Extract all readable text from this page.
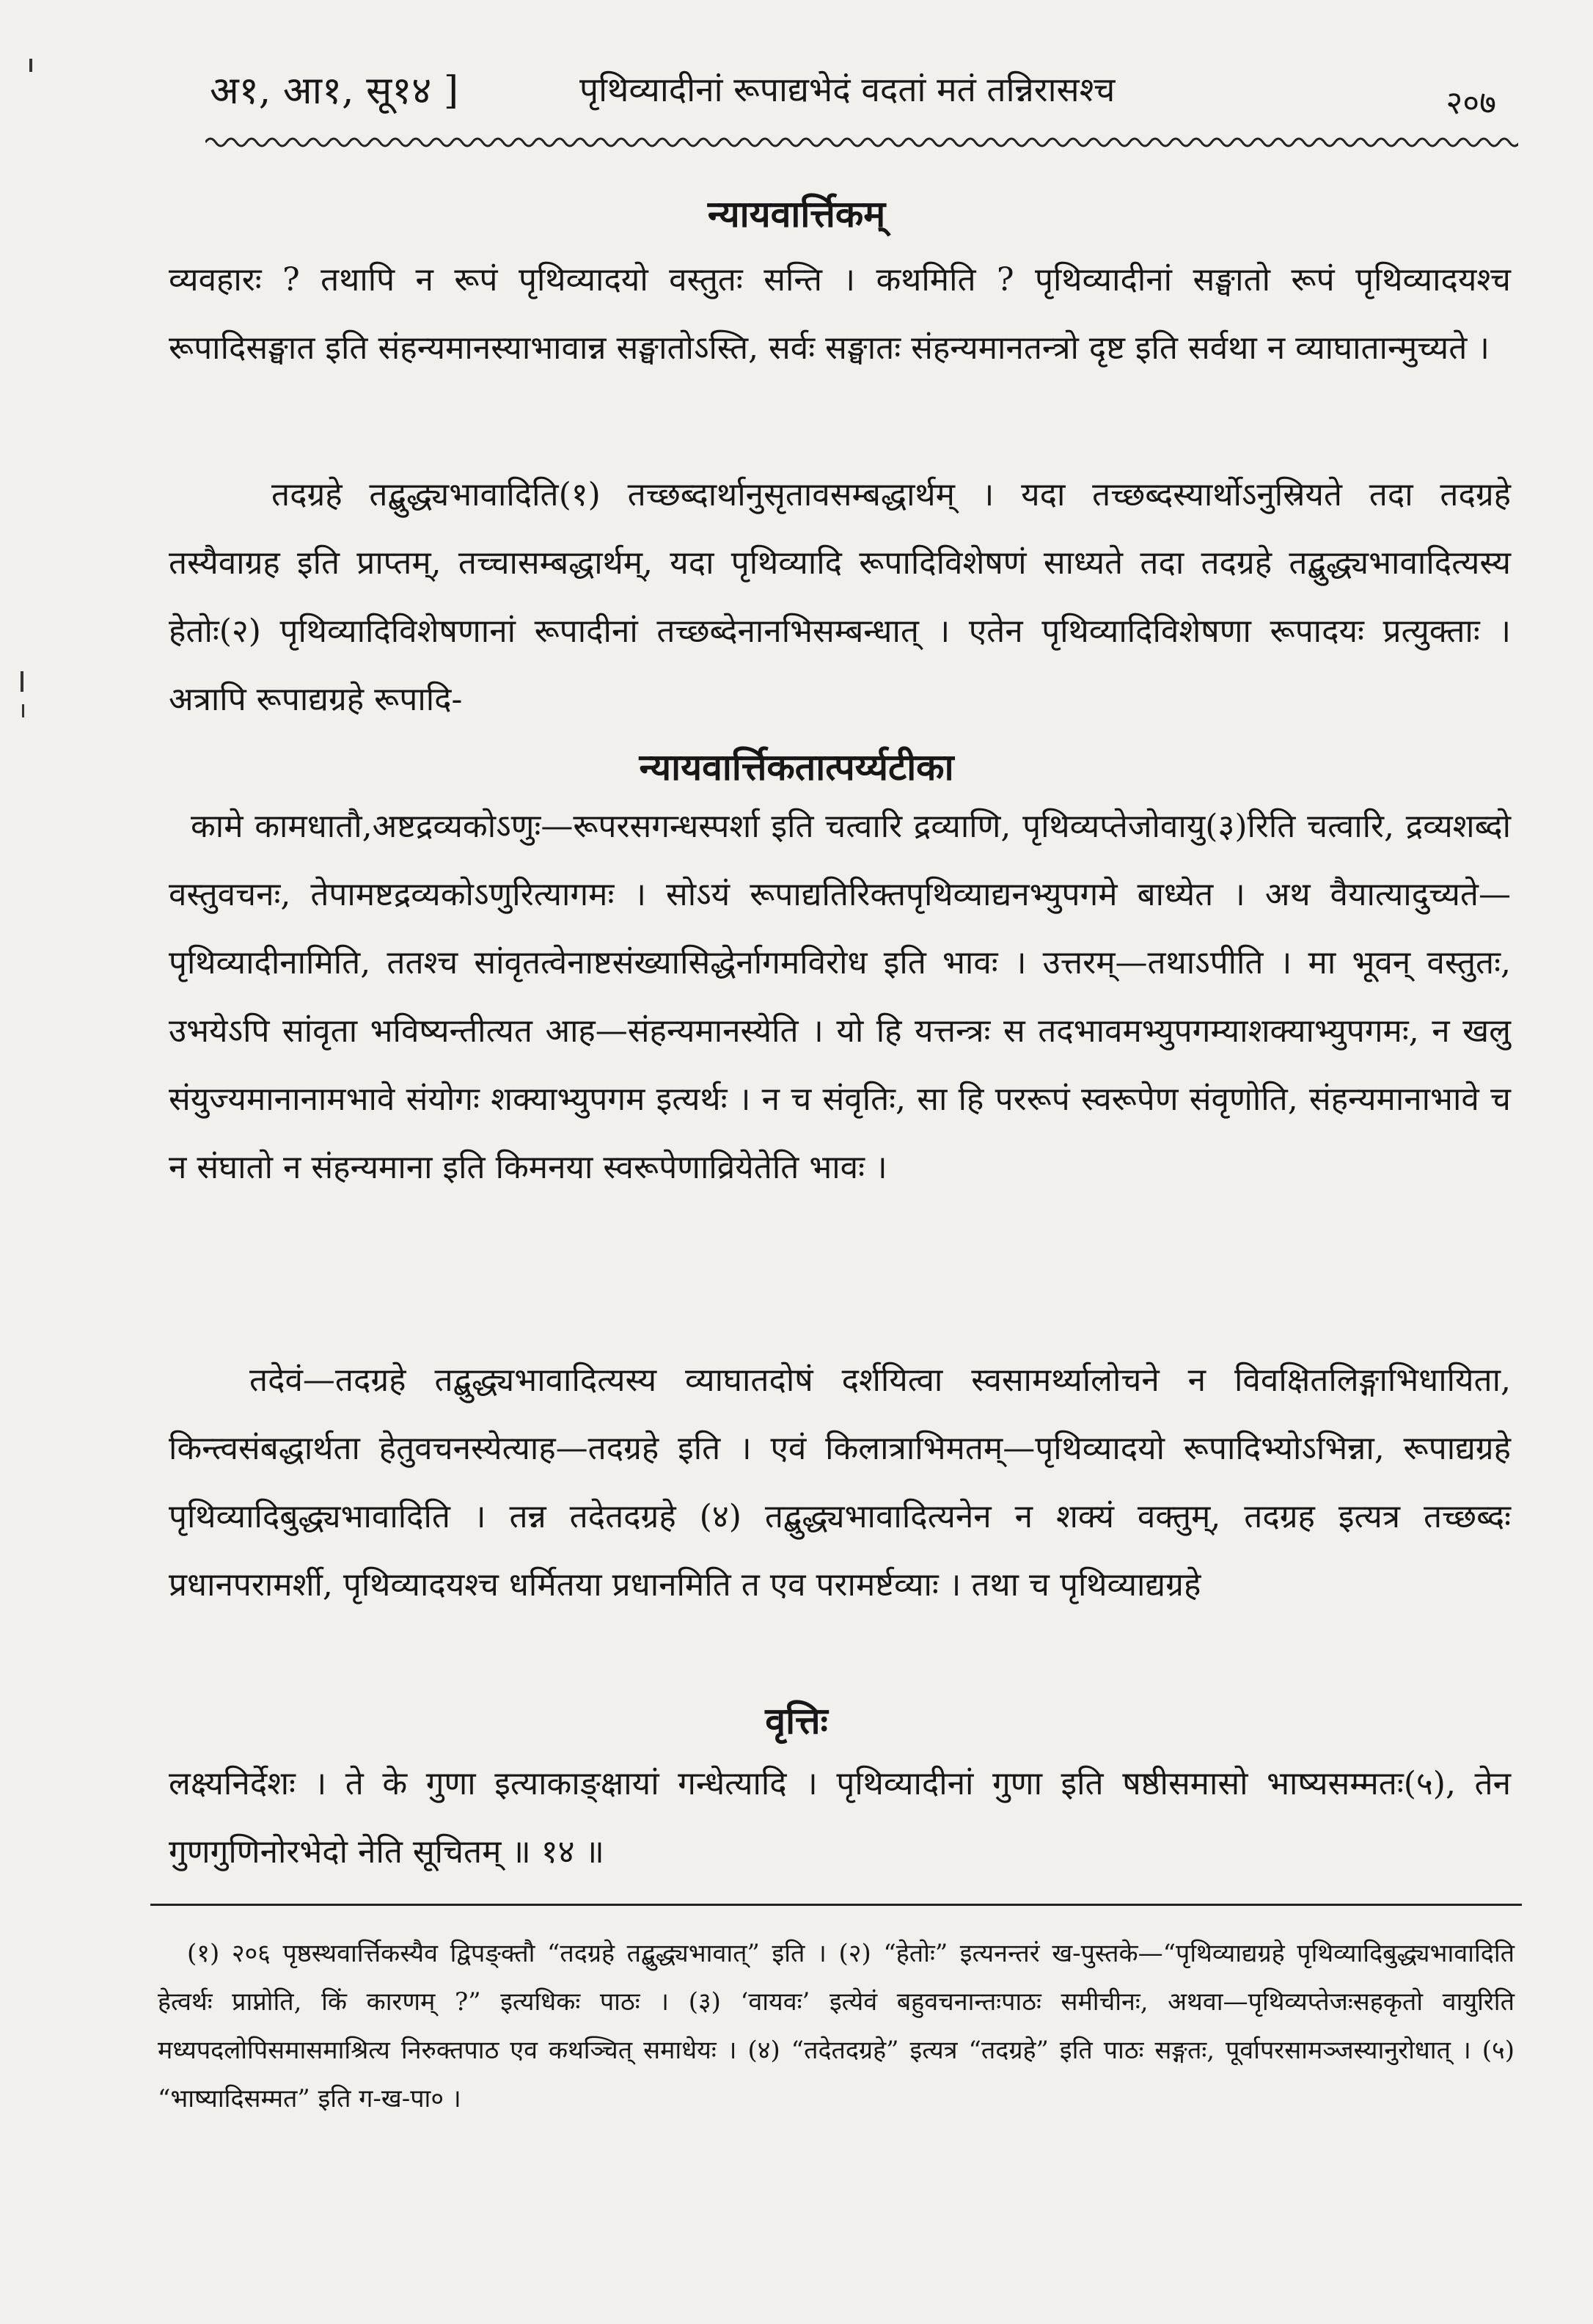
अ१, आ१, सू१४ ]	पृथिव्यादीनां रूपाद्यभेदं वदतां मतं तन्निरासश्च	२०७
न्यायवार्त्तिकम्

व्यवहारः ? तथापि न रूपं पृथिव्यादयो वस्तुतः सन्ति । कथमिति ? पृथिव्यादीनां सङ्घातो रूपं पृथिव्यादयश्च रूपादिसङ्घात इति संहन्यमानस्याभावान्न सङ्घातोऽस्ति, सर्वः सङ्घातः संहन्यमानतन्त्रो दृष्ट इति सर्वथा न व्याघातान्मुच्यते ।

तदग्रहे तद्बुद्ध्यभावादिति(१) तच्छब्दार्थानुसृतावसम्बद्धार्थम् । यदा तच्छब्दस्यार्थोऽनुस्रियते तदा तदग्रहे तस्यैवाग्रह इति प्राप्तम्, तच्चासम्बद्धार्थम्, यदा पृथिव्यादि रूपादिविशेषणं साध्यते तदा तदग्रहे तद्बुद्ध्यभावादित्यस्य हेतोः(२) पृथिव्यादिविशेषणानां रूपादीनां तच्छब्देनानभिसम्बन्धात् । एतेन पृथिव्यादिविशेषणा रूपादयः प्रत्युक्ताः । अत्रापि रूपाद्यग्रहे रूपादि-

न्यायवार्त्तिकतात्पर्य्यटीका

कामे कामधातौ,अष्टद्रव्यकोऽणुः—रूपरसगन्धस्पर्शा इति चत्वारि द्रव्याणि, पृथिव्यप्तेजोवायु(३)रिति चत्वारि, द्रव्यशब्दो वस्तुवचनः, तेपामष्टद्रव्यकोऽणुरित्यागमः । सोऽयं रूपाद्यतिरिक्तपृथिव्याद्यनभ्युपगमे बाध्येत । अथ वैयात्यादुच्यते—पृथिव्यादीनामिति, ततश्च सांवृतत्वेनाष्टसंख्यासिद्धेर्नागमविरोध इति भावः । उत्तरम्—तथाऽपीति । मा भूवन् वस्तुतः, उभयेऽपि सांवृता भविष्यन्तीत्यत आह—संहन्यमानस्येति । यो हि यत्तन्त्रः स तदभावमभ्युपगम्याशक्याभ्युपगमः, न खलु संयुज्यमानानामभावे संयोगः शक्याभ्युपगम इत्यर्थः । न च संवृतिः, सा हि पररूपं स्वरूपेण संवृणोति, संहन्यमानाभावे च न संघातो न संहन्यमाना इति किमनया स्वरूपेणाव्रियेतेति भावः ।

तदेवं—तदग्रहे तद्बुद्ध्यभावादित्यस्य व्याघातदोषं दर्शयित्वा स्वसामर्थ्यालोचने न विवक्षितलिङ्गाभिधायिता, किन्त्वसंबद्धार्थता हेतुवचनस्येत्याह—तदग्रहे इति । एवं किलात्राभिमतम्—पृथिव्यादयो रूपादिभ्योऽभिन्ना, रूपाद्यग्रहे पृथिव्यादिबुद्ध्यभावादिति । तन्न तदेतदग्रहे (४) तद्बुद्ध्यभावादित्यनेन न शक्यं वक्तुम्, तदग्रह इत्यत्र तच्छब्दः प्रधानपरामर्शी, पृथिव्यादयश्च धर्मितया प्रधानमिति त एव परामर्ष्टव्याः । तथा च पृथिव्याद्यग्रहे

वृत्तिः

लक्ष्यनिर्देशः । ते के गुणा इत्याकाङ्क्षायां गन्धेत्यादि । पृथिव्यादीनां गुणा इति षष्ठीसमासो भाष्यसम्मतः(५), तेन गुणगुणिनोरभेदो नेति सूचितम् ॥ १४ ॥

(१) २०६ पृष्ठस्थवार्त्तिकस्यैव द्विपङ्क्तौ “तदग्रहे तद्बुद्ध्यभावात्” इति । (२) “हेतोः” इत्यनन्तरं ख-पुस्तके—“पृथिव्याद्यग्रहे पृथिव्यादिबुद्ध्यभावादिति हेत्वर्थः प्राप्नोति, किं कारणम् ?” इत्यधिकः पाठः । (३) ‘वायवः’ इत्येवं बहुवचनान्तःपाठः समीचीनः, अथवा—पृथिव्यप्तेजःसहकृतो वायुरिति मध्यपदलोपिसमासमाश्रित्य निरुक्तपाठ एव कथञ्चित् समाधेयः । (४) “तदेतदग्रहे” इत्यत्र “तदग्रहे” इति पाठः सङ्गतः, पूर्वापरसामञ्जस्यानुरोधात् । (५) “भाष्यादिसम्मत” इति ग-ख-पा० ।
